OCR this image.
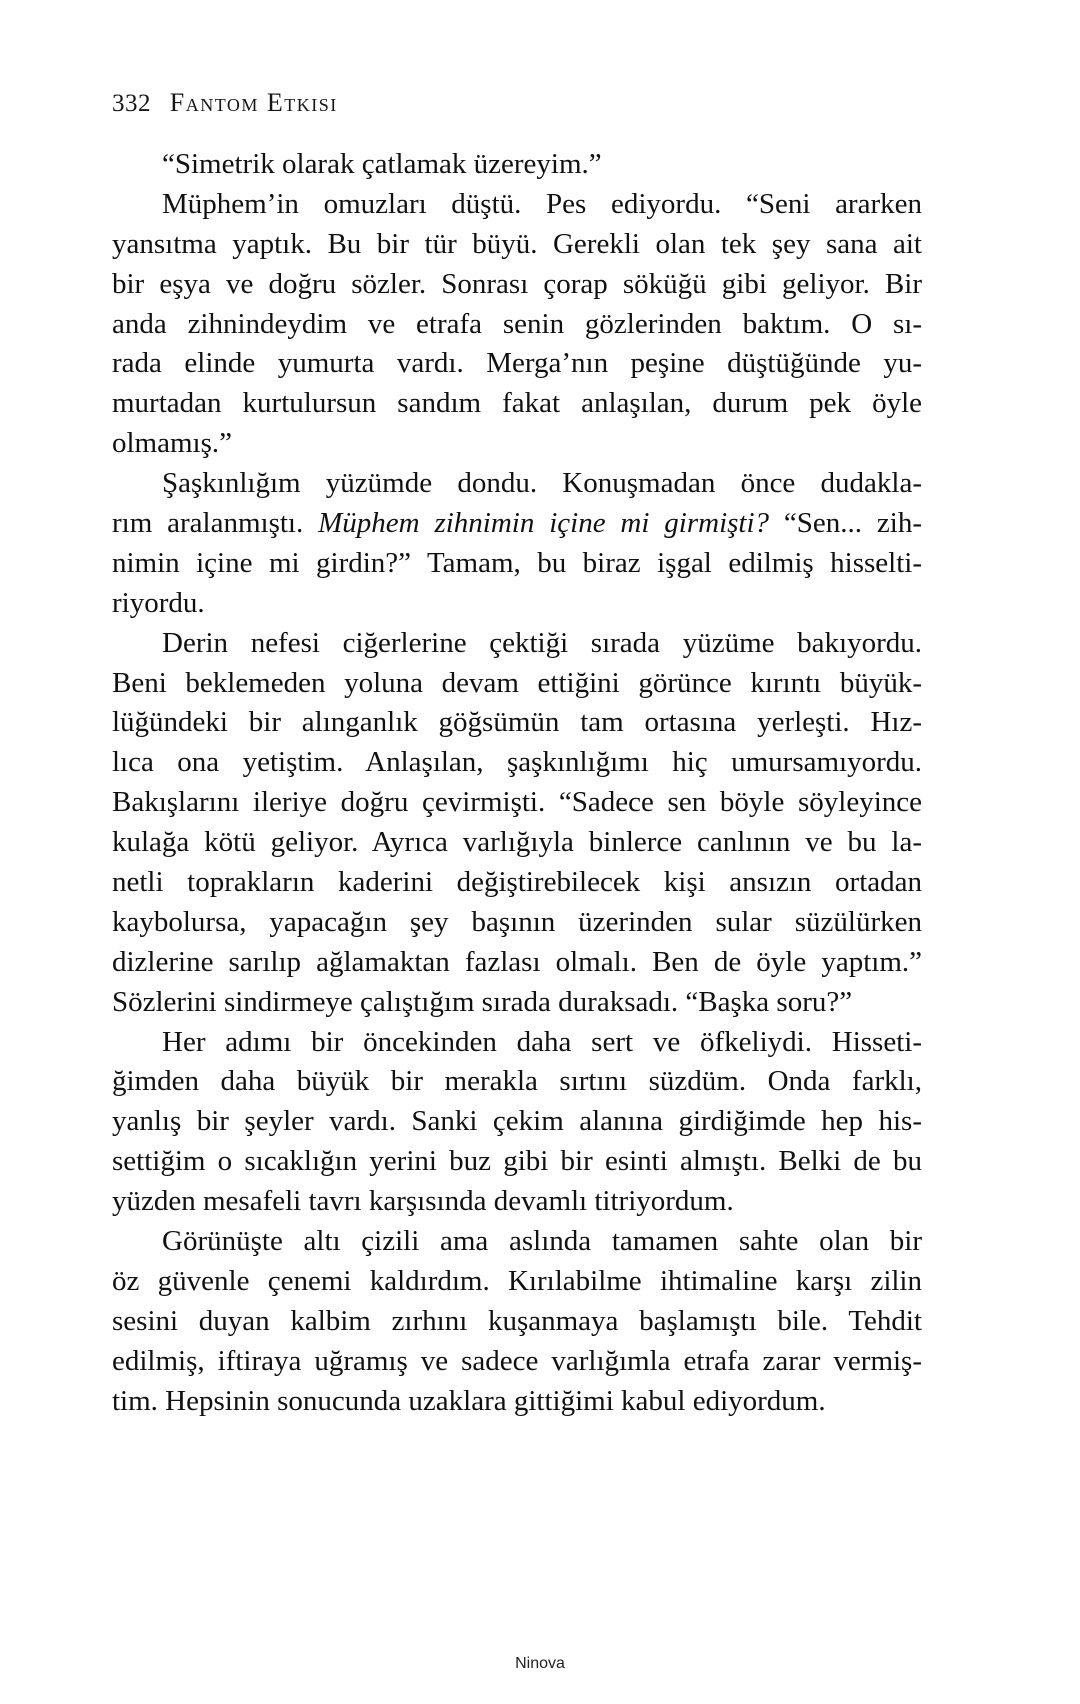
332 Fantom Etkisi
“Simetrik olarak çatlamak üzereyim.”
Müphem’in omuzları düştü. Pes ediyordu. “Seni ararken
yansıtma yaptık. Bu bir tür büyü. Gerekli olan tek şey sana ait
bir eşya ve doğru sözler. Sonrası çorap söküğü gibi geliyor. Bir
anda zihnindeydim ve etrafa senin gözlerinden baktım. O sı-
rada elinde yumurta vardı. Merga’nın peşine düştüğünde yu-
murtadan kurtulursun sandım fakat anlaşılan, durum pek öyle
olmamış.”
Şaşkınlığım yüzümde dondu. Konuşmadan önce dudakla-
rım aralanmıştı. Müphem zihnimin içine mi girmişti? “Sen... zih-
nimin içine mi girdin?” Tamam, bu biraz işgal edilmiş hisselti-
riyordu.
Derin nefesi ciğerlerine çektiği sırada yüzüme bakıyordu.
Beni beklemeden yoluna devam ettiğini görünce kırıntı büyük-
lüğündeki bir alınganlık göğsümün tam ortasına yerleşti. Hız-
lıca ona yetiştim. Anlaşılan, şaşkınlığımı hiç umursamıyordu.
Bakışlarını ileriye doğru çevirmişti. “Sadece sen böyle söyleyince
kulağa kötü geliyor. Ayrıca varlığıyla binlerce canlının ve bu la-
netli toprakların kaderini değiştirebilecek kişi ansızın ortadan
kaybolursa, yapacağın şey başının üzerinden sular süzülürken
dizlerine sarılıp ağlamaktan fazlası olmalı. Ben de öyle yaptım.”
Sözlerini sindirmeye çalıştığım sırada duraksadı. “Başka soru?”
Her adımı bir öncekinden daha sert ve öfkeliydi. Hisseti-
ğimden daha büyük bir merakla sırtını süzdüm. Onda farklı,
yanlış bir şeyler vardı. Sanki çekim alanına girdiğimde hep his-
settiğim o sıcaklığın yerini buz gibi bir esinti almıştı. Belki de bu
yüzden mesafeli tavrı karşısında devamlı titriyordum.
Görünüşte altı çizili ama aslında tamamen sahte olan bir
öz güvenle çenemi kaldırdım. Kırılabilme ihtimaline karşı zilin
sesini duyan kalbim zırhını kuşanmaya başlamıştı bile. Tehdit
edilmiş, iftiraya uğramış ve sadece varlığımla etrafa zarar vermiş-
tim. Hepsinin sonucunda uzaklara gittiğimi kabul ediyordum.
Ninova
